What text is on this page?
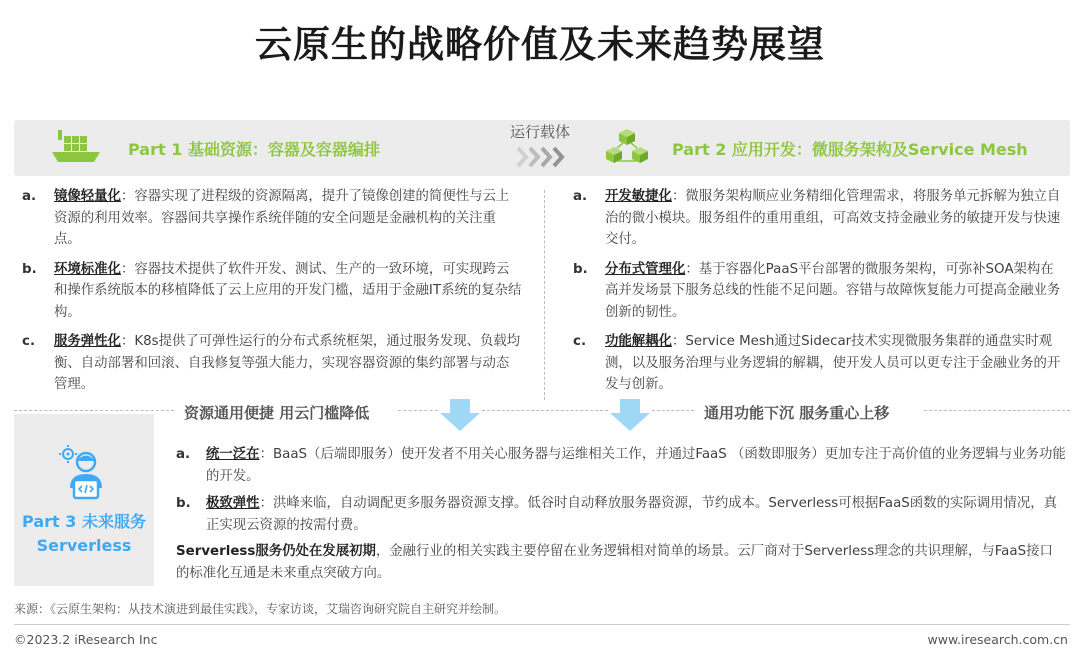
云原生的战略价值及未来趋势展望
Part 1 基础资源：容器及容器编排
运行载体
Part 2 应用开发：微服务架构及Service Mesh
a.	镜像轻量化：容器实现了进程级的资源隔离，提升了镜像创建的简便性与云上资源的利用效率。容器间共享操作系统伴随的安全问题是金融机构的关注重点。
b.	环境标准化：容器技术提供了软件开发、测试、生产的一致环境，可实现跨云和操作系统版本的移植降低了云上应用的开发门槛，适用于金融IT系统的复杂结构。
c.	服务弹性化：K8s提供了可弹性运行的分布式系统框架，通过服务发现、负载均衡、自动部署和回滚、自我修复等强大能力，实现容器资源的集约部署与动态管理。
a.	开发敏捷化：微服务架构顺应业务精细化管理需求，将服务单元拆解为独立自治的微小模块。服务组件的重用重组，可高效支持金融业务的敏捷开发与快速交付。
b.	分布式管理化：基于容器化PaaS平台部署的微服务架构，可弥补SOA架构在高并发场景下服务总线的性能不足问题。容错与故障恢复能力可提高金融业务创新的韧性。
c.	功能解耦化：Service Mesh通过Sidecar技术实现微服务集群的通盘实时观测，以及服务治理与业务逻辑的解耦，使开发人员可以更专注于金融业务的开发与创新。
资源通用便捷 用云门槛降低	通用功能下沉 服务重心上移
Part 3 未来服务
Serverless
a.	统一泛在：BaaS（后端即服务）使开发者不用关心服务器与运维相关工作，并通过FaaS （函数即服务）更加专注于高价值的业务逻辑与业务功能的开发。
b.	极致弹性：洪峰来临，自动调配更多服务器资源支撑。低谷时自动释放服务器资源，节约成本。Serverless可根据FaaS函数的实际调用情况，真正实现云资源的按需付费。
Serverless服务仍处在发展初期，金融行业的相关实践主要停留在业务逻辑相对简单的场景。云厂商对于Serverless理念的共识理解，与FaaS接口的标准化互通是未来重点突破方向。
来源：《云原生架构：从技术演进到最佳实践》，专家访谈，艾瑞咨询研究院自主研究并绘制。
©2023.2 iResearch Inc	www.iresearch.com.cn
